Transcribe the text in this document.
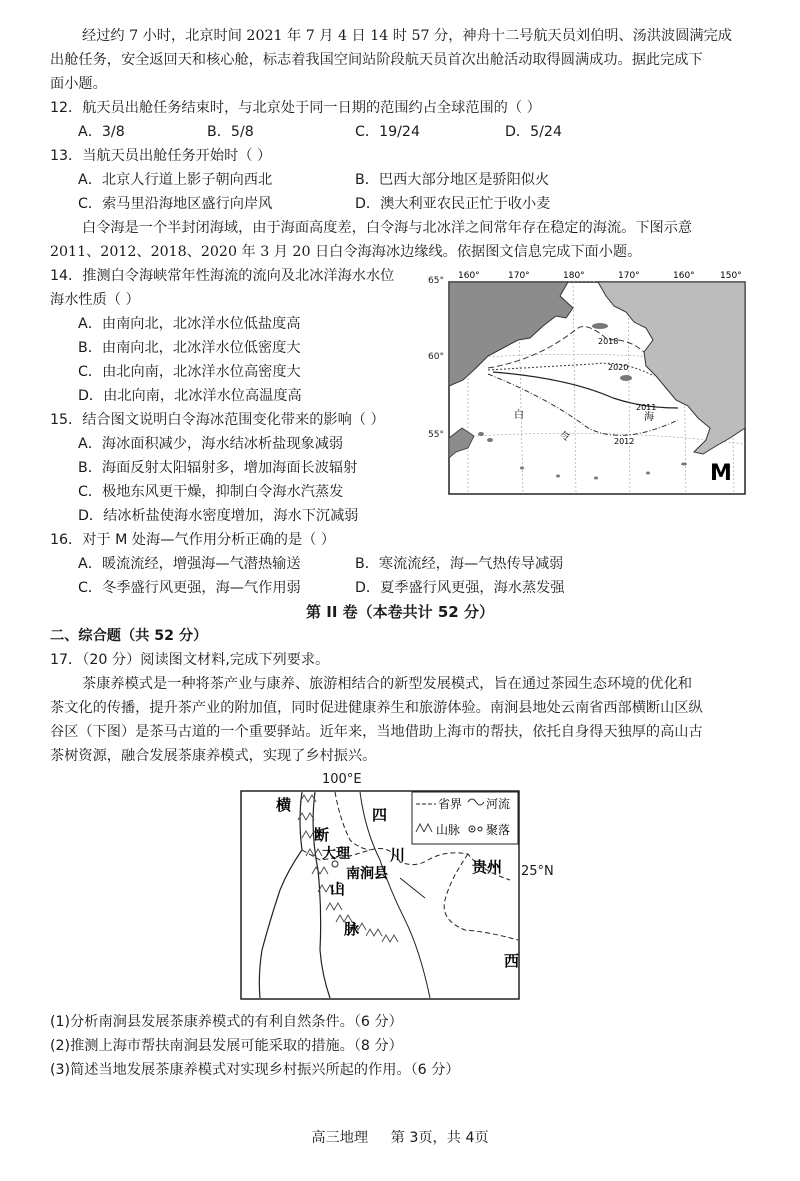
经过约 7 小时，北京时间 2021 年 7 月 4 日 14 时 57 分，神舟十二号航天员刘伯明、汤洪波圆满完成
出舱任务，安全返回天和核心舱，标志着我国空间站阶段航天员首次出舱活动取得圆满成功。据此完成下
面小题。
12．航天员出舱任务结束时，与北京处于同一日期的范围约占全球范围的（ ）
A．3/8	B．5/8	C．19/24	D．5/24
13．当航天员出舱任务开始时（ ）
A．北京人行道上影子朝向西北	B．巴西大部分地区是骄阳似火
C．索马里沿海地区盛行向岸风	D．澳大利亚农民正忙于收小麦
白令海是一个半封闭海域，由于海面高度差，白令海与北冰洋之间常年存在稳定的海流。下图示意
2011、2012、2018、2020 年 3 月 20 日白令海海冰边缘线。依据图文信息完成下面小题。
14．推测白令海峡常年性海流的流向及北冰洋海水水位
海水性质（ ）
A．由南向北，北冰洋水位低盐度高
B．由南向北，北冰洋水位低密度大
C．由北向南，北冰洋水位高密度大
D．由北向南，北冰洋水位高温度高
15．结合图文说明白令海冰范围变化带来的影响（ ）
A．海冰面积减少，海水结冰析盐现象减弱
B．海面反射太阳辐射多，增加海面长波辐射
C．极地东风更干燥，抑制白令海水汽蒸发
D．结冰析盐使海水密度增加，海水下沉减弱
160°	170°	180°	170°	160°	150°
2018
2020
2011
2012
白
令
海
M
65°
60°
55°
16．对于 M 处海—气作用分析正确的是（ ）
A．暖流流经，增强海—气潜热输送	B．寒流流经，海—气热传导减弱
C．冬季盛行风更强，海—气作用弱	D．夏季盛行风更强，海水蒸发强
第 II 卷（本卷共计 52 分）
二、综合题（共 52 分）
17．（20 分）阅读图文材料,完成下列要求。
茶康养模式是一种将茶产业与康养、旅游相结合的新型发展模式，旨在通过茶园生态环境的优化和
茶文化的传播，提升茶产业的附加值，同时促进健康养生和旅游体验。南涧县地处云南省西部横断山区纵
谷区（下图）是茶马古道的一个重要驿站。近年来，当地借助上海市的帮扶，依托自身得天独厚的高山古
茶树资源，融合发展茶康养模式，实现了乡村振兴。
100°E
省界 河流
山脉 聚落
横
断
山
脉
四
川
贵州
西
大理
南涧县	25°N
(1)分析南涧县发展茶康养模式的有利自然条件。（6 分）
(2)推测上海市帮扶南涧县发展可能采取的措施。（8 分）
(3)简述当地发展茶康养模式对实现乡村振兴所起的作用。（6 分）
高三地理     第 3页，共 4页
